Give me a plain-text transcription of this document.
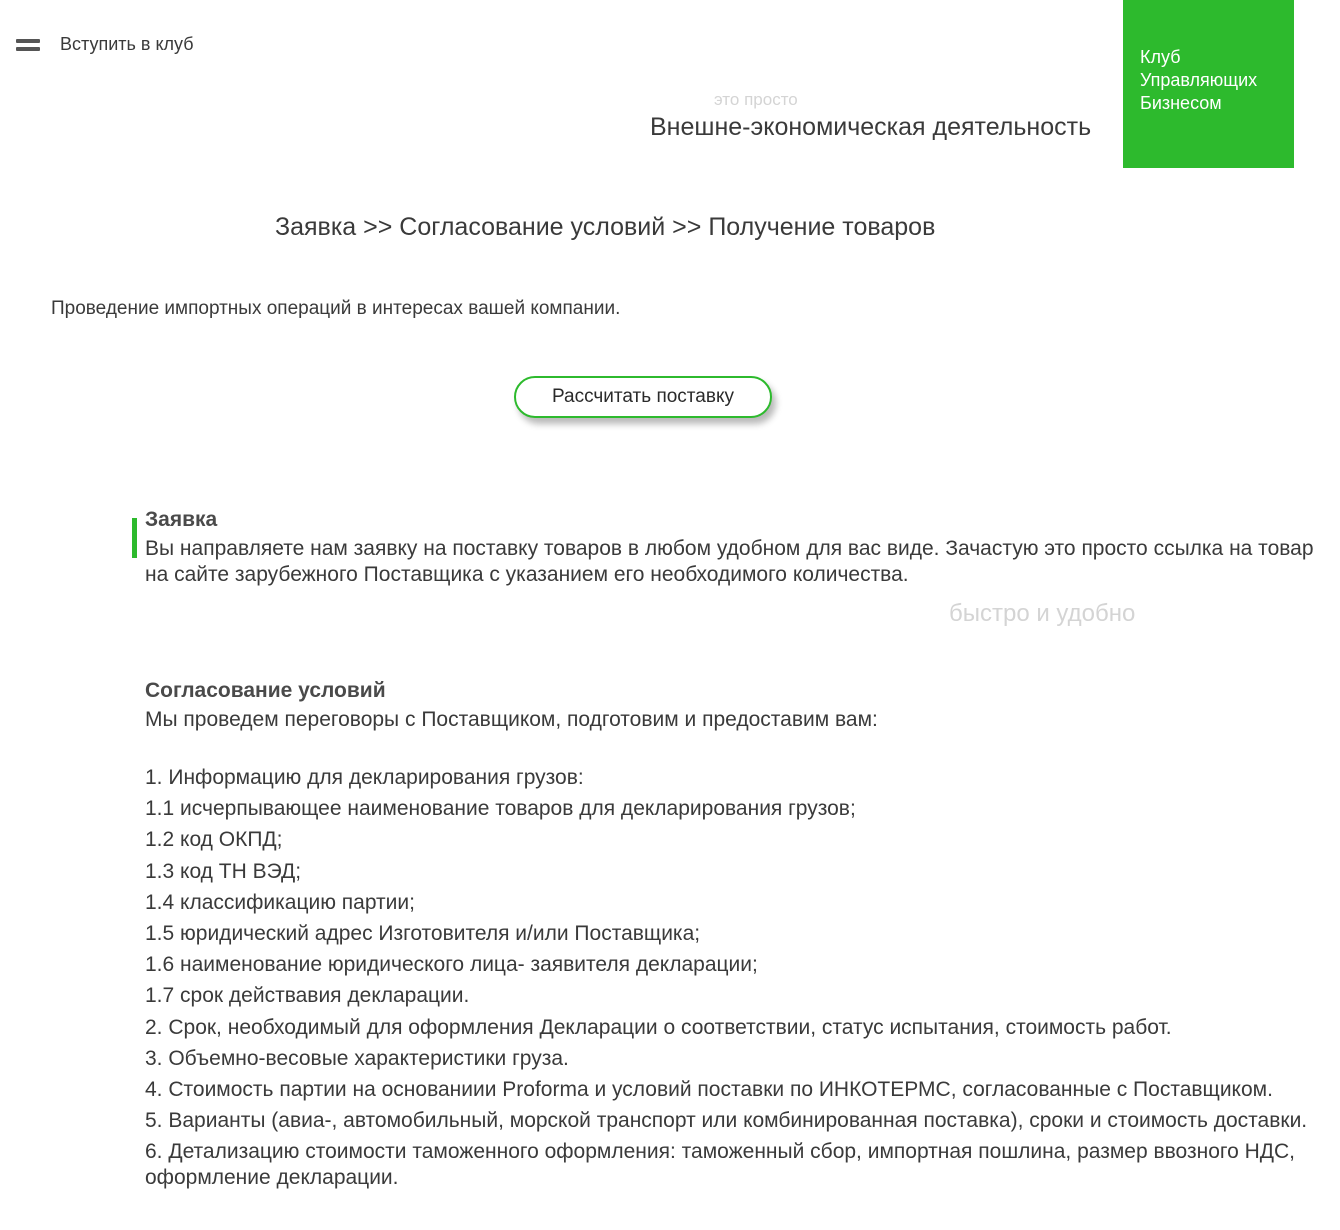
Вступить в клуб
Клуб
Управляющих
Бизнесом
это просто
Внешне-экономическая деятельность
Заявка >> Согласование условий >> Получение товаров
Проведение импортных операций в интересах вашей компании.
Рассчитать поставку
Заявка

Вы направляете нам заявку на поставку товаров в любом удобном для вас виде. Зачастую это просто ссылка на товар на сайте зарубежного Поставщика с указанием его необходимого количества.

быстро и удобно
Согласование условий

Мы проведем переговоры с Поставщиком, подготовим и предоставим вам:

1. Информацию для декларирования грузов:
1.1 исчерпывающее наименование товаров для декларирования грузов;
1.2 код ОКПД;
1.3 код ТН ВЭД;
1.4 классификацию партии;
1.5 юридический адрес Изготовителя и/или Поставщика;
1.6 наименование юридического лица- заявителя декларации;
1.7 срок действавия декларации.
2. Срок, необходимый для оформления Декларации о соответствии, статус испытания, стоимость работ.
3. Объемно-весовые характеристики груза.
4. Стоимость партии на основаниии Proforma и условий поставки по ИНКОТЕРМС, согласованные с Поставщиком.
5. Варианты (авиа-, автомобильный, морской транспорт или комбинированная поставка), сроки и стоимость доставки.
6. Детализацию стоимости таможенного оформления: таможенный сбор, импортная пошлина, размер ввозного НДС, оформление декларации.
